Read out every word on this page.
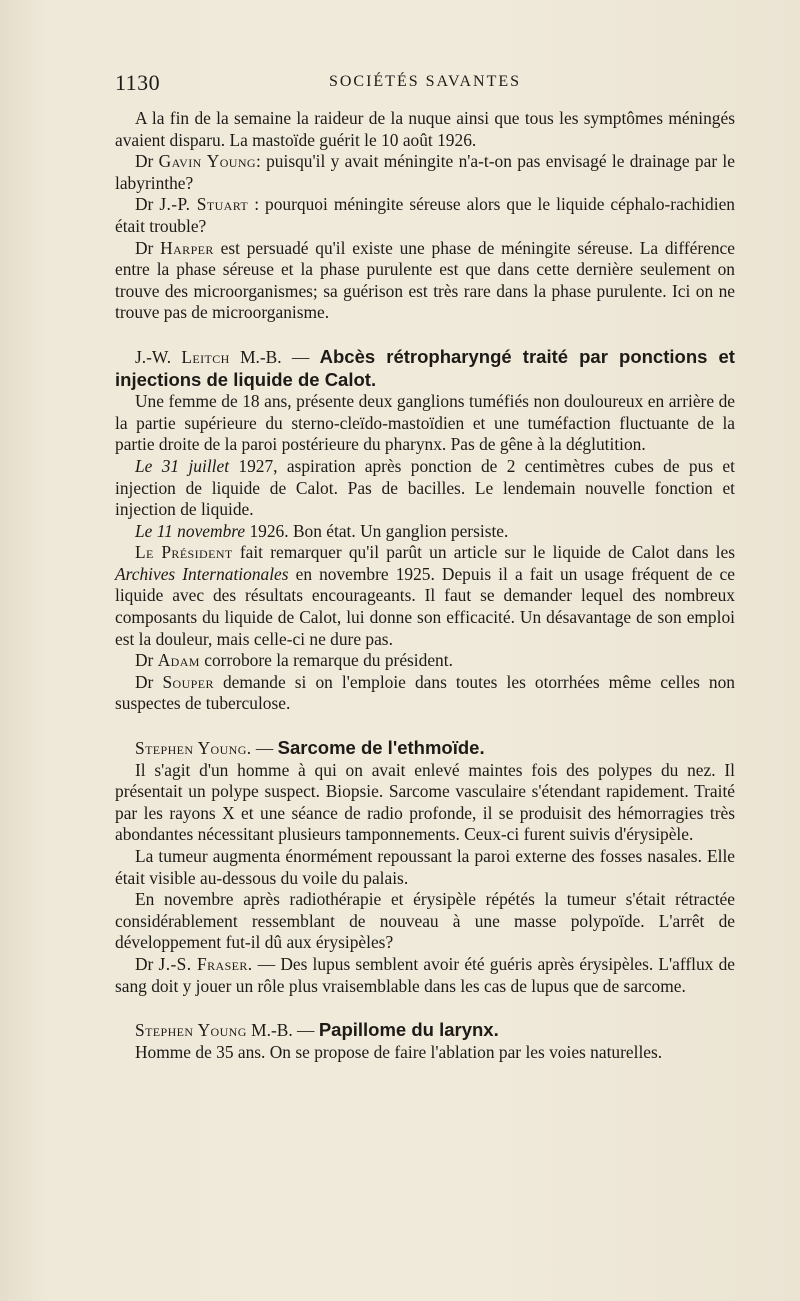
1130	SOCIÉTÉS SAVANTES

A la fin de la semaine la raideur de la nuque ainsi que tous les symptômes méningés avaient disparu. La mastoïde guérit le 10 août 1926.

Dr Gavin Young: puisqu'il y avait méningite n'a-t-on pas envisagé le drainage par le labyrinthe?

Dr J.-P. Stuart : pourquoi méningite séreuse alors que le liquide céphalo-rachidien était trouble?

Dr Harper est persuadé qu'il existe une phase de méningite séreuse. La différence entre la phase séreuse et la phase purulente est que dans cette dernière seulement on trouve des microorganismes; sa guérison est très rare dans la phase purulente. Ici on ne trouve pas de microorganisme.

J.-W. Leitch M.-B. — Abcès rétropharyngé traité par ponctions et injections de liquide de Calot.

Une femme de 18 ans, présente deux ganglions tuméfiés non douloureux en arrière de la partie supérieure du sterno-cleïdo-mastoïdien et une tuméfaction fluctuante de la partie droite de la paroi postérieure du pharynx. Pas de gêne à la déglutition.

Le 31 juillet 1927, aspiration après ponction de 2 centimètres cubes de pus et injection de liquide de Calot. Pas de bacilles. Le lendemain nouvelle fonction et injection de liquide.

Le 11 novembre 1926. Bon état. Un ganglion persiste.

Le Président fait remarquer qu'il parût un article sur le liquide de Calot dans les Archives Internationales en novembre 1925. Depuis il a fait un usage fréquent de ce liquide avec des résultats encourageants. Il faut se demander lequel des nombreux composants du liquide de Calot, lui donne son efficacité. Un désavantage de son emploi est la douleur, mais celle-ci ne dure pas.

Dr Adam corrobore la remarque du président.

Dr Souper demande si on l'emploie dans toutes les otorrhées même celles non suspectes de tuberculose.

Stephen Young. — Sarcome de l'ethmoïde.

Il s'agit d'un homme à qui on avait enlevé maintes fois des polypes du nez. Il présentait un polype suspect. Biopsie. Sarcome vasculaire s'étendant rapidement. Traité par les rayons X et une séance de radio profonde, il se produisit des hémorragies très abondantes nécessitant plusieurs tamponnements. Ceux-ci furent suivis d'érysipèle.

La tumeur augmenta énormément repoussant la paroi externe des fosses nasales. Elle était visible au-dessous du voile du palais.

En novembre après radiothérapie et érysipèle répétés la tumeur s'était rétractée considérablement ressemblant de nouveau à une masse polypoïde. L'arrêt de développement fut-il dû aux érysipèles?

Dr J.-S. Fraser. — Des lupus semblent avoir été guéris après érysipèles. L'afflux de sang doit y jouer un rôle plus vraisemblable dans les cas de lupus que de sarcome.

Stephen Young M.-B. — Papillome du larynx.

Homme de 35 ans. On se propose de faire l'ablation par les voies naturelles.
